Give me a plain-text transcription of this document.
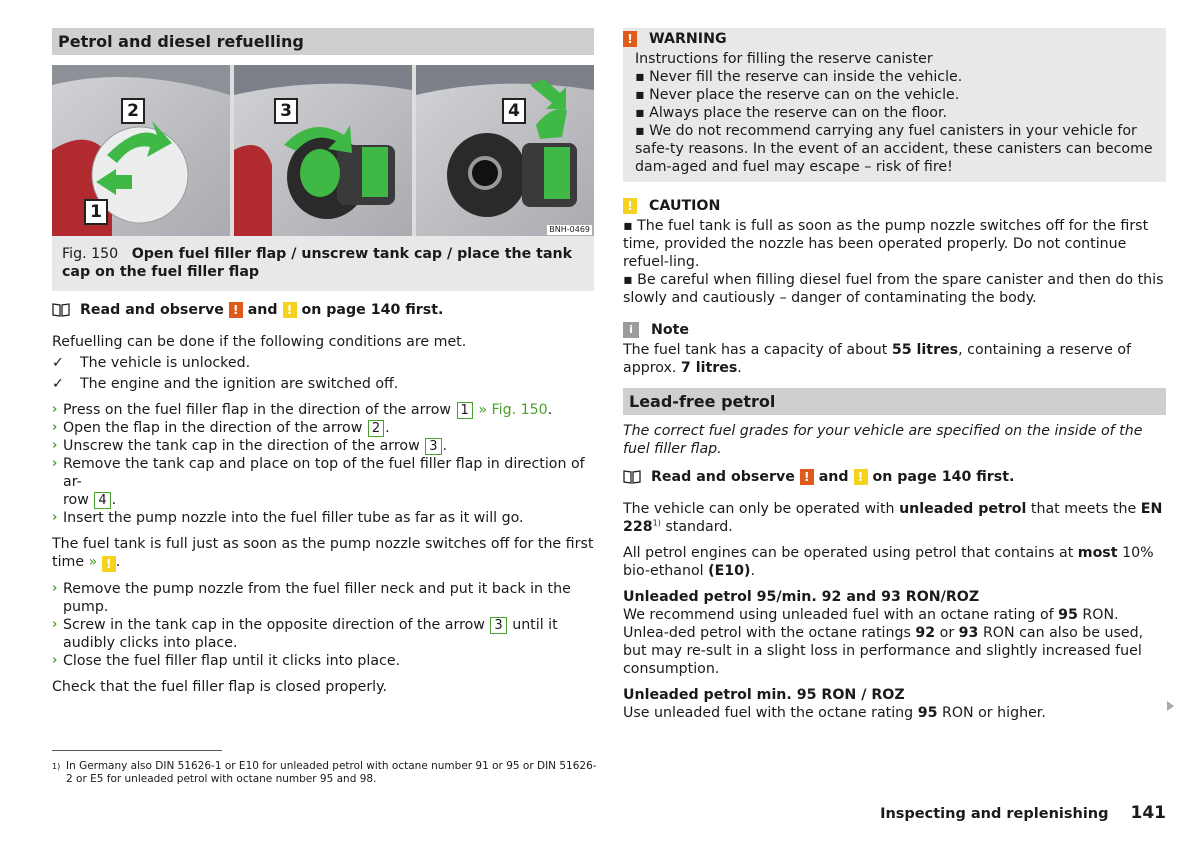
Petrol and diesel refuelling
1
2	3	4
BNH-0469
Fig. 150 Open fuel filler flap / unscrew tank cap / place the tank cap on the fuel filler flap
Read and observe
!
and
!
on page 140 first.

Refuelling can be done if the following conditions are met.

✓	The vehicle is unlocked.
✓	The engine and the ignition are switched off.
› Press on the fuel filler flap in the direction of the arrow 1 » Fig. 150.
› Open the flap in the direction of the arrow 2 .
› Unscrew the tank cap in the direction of the arrow 3 .
› Remove the tank cap and place on top of the fuel filler flap in direction of ar-
row 4 .
› Insert the pump nozzle into the fuel filler tube as far as it will go.

The fuel tank is full just as soon as the pump nozzle switches off for the first
time » ! .

› Remove the pump nozzle from the fuel filler neck and put it back in the pump.
› Screw in the tank cap in the opposite direction of the arrow 3 until it audibly clicks into place.
› Close the fuel filler flap until it clicks into place.

Check that the fuel filler flap is closed properly.

!	WARNING

Instructions for filling the reserve canister

▪ Never fill the reserve can inside the vehicle.

▪ Never place the reserve can on the vehicle.

▪ Always place the reserve can on the floor.

▪ We do not recommend carrying any fuel canisters in your vehicle for safe-ty reasons. In the event of an accident, these canisters can become dam-aged and fuel may escape – risk of fire!

!	CAUTION

▪ The fuel tank is full as soon as the pump nozzle switches off for the first time, provided the nozzle has been operated properly. Do not continue refuel-ling.

▪ Be careful when filling diesel fuel from the spare canister and then do this slowly and cautiously – danger of contaminating the body.

i	Note

The fuel tank has a capacity of about 55 litres, containing a reserve of approx. 7 litres.

Lead-free petrol

The correct fuel grades for your vehicle are specified on the inside of the fuel filler flap.

Read and observe
!
and
!
on page 140 first.

The vehicle can only be operated with unleaded petrol that meets the EN 228$^{1)}$ standard.

All petrol engines can be operated using petrol that contains at most 10% bio-ethanol (E10).

Unleaded petrol 95/min. 92 and 93 RON/ROZ

We recommend using unleaded fuel with an octane rating of 95 RON. Unlea-ded petrol with the octane ratings 92 or 93 RON can also be used, but may re-sult in a slight loss in performance and slightly increased fuel consumption.

Unleaded petrol min. 95 RON / ROZ

Use unleaded fuel with the octane rating 95 RON or higher.

1) In Germany also DIN 51626-1 or E10 for unleaded petrol with octane number 91 or 95 or DIN 51626-2 or E5 for unleaded petrol with octane number 95 and 98.
Inspecting and replenishing 141
